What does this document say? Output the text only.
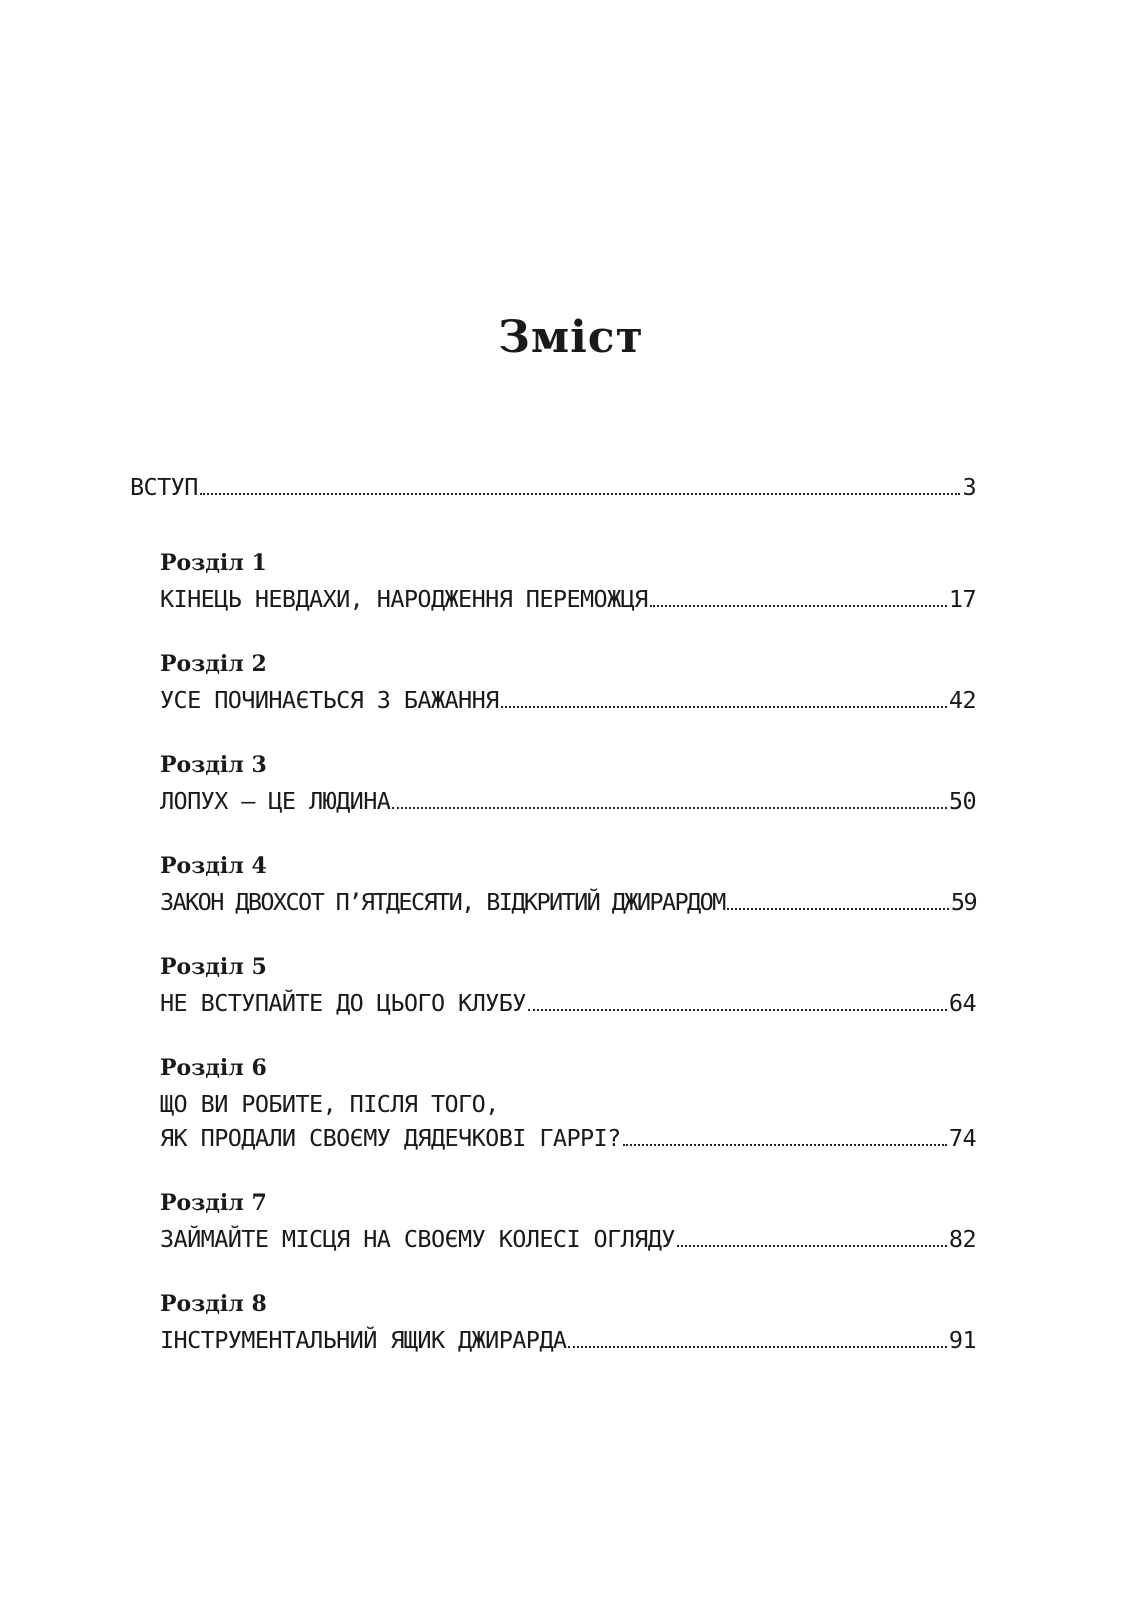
Зміст
ВСТУП	3
Розділ 1
КІНЕЦЬ НЕВДАХИ, НАРОДЖЕННЯ ПЕРЕМОЖЦЯ	17
Розділ 2
УСЕ ПОЧИНАЄТЬСЯ З БАЖАННЯ	42
Розділ 3
ЛОПУХ – ЦЕ ЛЮДИНА	50
Розділ 4
ЗАКОН ДВОХСОТ П’ЯТДЕСЯТИ, ВІДКРИТИЙ ДЖИРАРДОМ	59
Розділ 5
НЕ ВСТУПАЙТЕ ДО ЦЬОГО КЛУБУ	64
Розділ 6
ЩО ВИ РОБИТЕ, ПІСЛЯ ТОГО,
ЯК ПРОДАЛИ СВОЄМУ ДЯДЕЧКОВІ ГАРРІ?	74
Розділ 7
ЗАЙМАЙТЕ МІСЦЯ НА СВОЄМУ КОЛЕСІ ОГЛЯДУ	82
Розділ 8
ІНСТРУМЕНТАЛЬНИЙ ЯЩИК ДЖИРАРДА	91
